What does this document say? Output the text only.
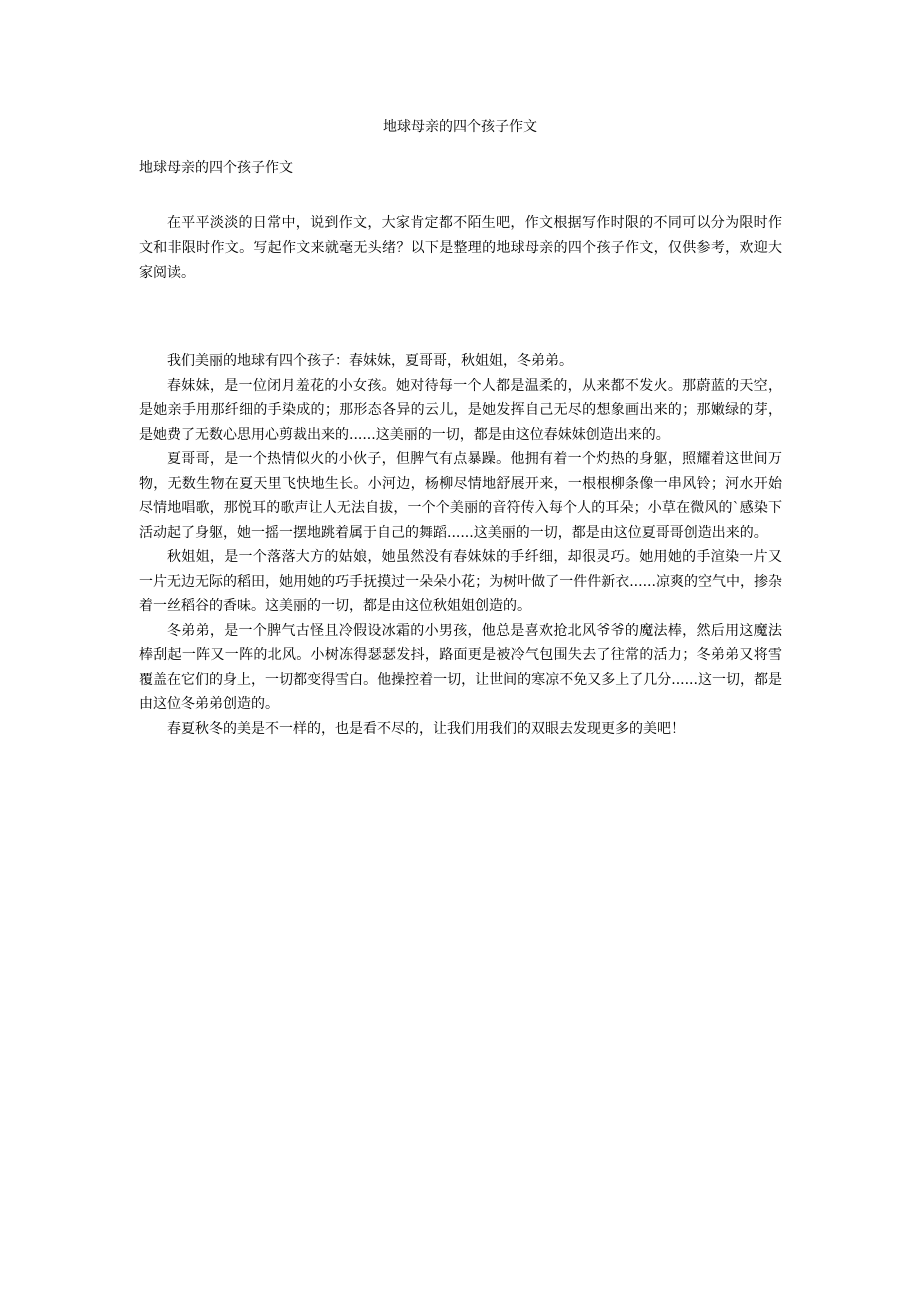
地球母亲的四个孩子作文
地球母亲的四个孩子作文

在平平淡淡的日常中，说到作文，大家肯定都不陌生吧，作文根据写作时限的不同可以分为限时作文和非限时作文。写起作文来就毫无头绪？以下是整理的地球母亲的四个孩子作文，仅供参考，欢迎大家阅读。

我们美丽的地球有四个孩子：春妹妹，夏哥哥，秋姐姐，冬弟弟。

春妹妹，是一位闭月羞花的小女孩。她对待每一个人都是温柔的，从来都不发火。那蔚蓝的天空，是她亲手用那纤细的手染成的；那形态各异的云儿，是她发挥自己无尽的想象画出来的；那嫩绿的芽，是她费了无数心思用心剪裁出来的......这美丽的一切，都是由这位春妹妹创造出来的。

夏哥哥，是一个热情似火的小伙子，但脾气有点暴躁。他拥有着一个灼热的身躯，照耀着这世间万物，无数生物在夏天里飞快地生长。小河边，杨柳尽情地舒展开来，一根根柳条像一串风铃；河水开始尽情地唱歌，那悦耳的歌声让人无法自拔，一个个美丽的音符传入每个人的耳朵；小草在微风的`感染下活动起了身躯，她一摇一摆地跳着属于自己的舞蹈......这美丽的一切，都是由这位夏哥哥创造出来的。

秋姐姐，是一个落落大方的姑娘，她虽然没有春妹妹的手纤细，却很灵巧。她用她的手渲染一片又一片无边无际的稻田，她用她的巧手抚摸过一朵朵小花；为树叶做了一件件新衣......凉爽的空气中，掺杂着一丝稻谷的香味。这美丽的一切，都是由这位秋姐姐创造的。

冬弟弟，是一个脾气古怪且冷假设冰霜的小男孩，他总是喜欢抢北风爷爷的魔法棒，然后用这魔法棒刮起一阵又一阵的北风。小树冻得瑟瑟发抖，路面更是被冷气包围失去了往常的活力；冬弟弟又将雪覆盖在它们的身上，一切都变得雪白。他操控着一切，让世间的寒凉不免又多上了几分......这一切，都是由这位冬弟弟创造的。

春夏秋冬的美是不一样的，也是看不尽的，让我们用我们的双眼去发现更多的美吧！
